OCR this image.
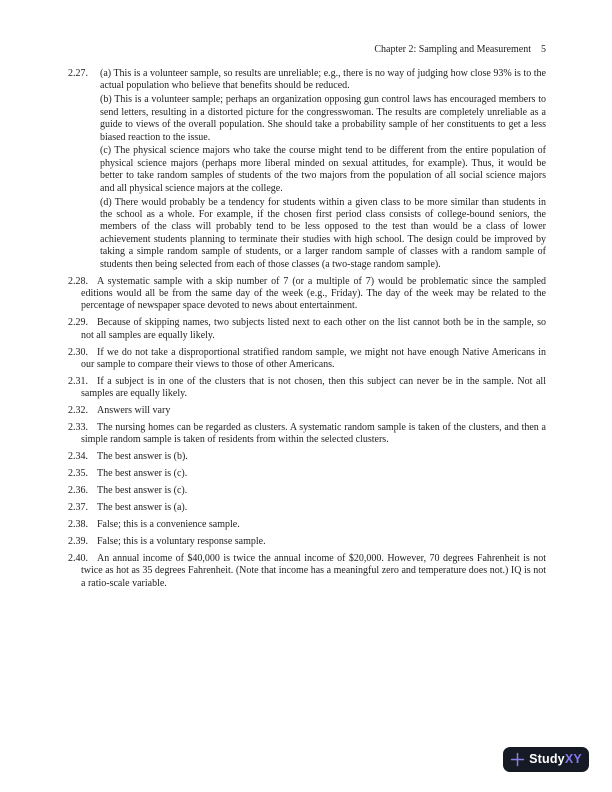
Chapter 2: Sampling and Measurement 5
2.27. (a) This is a volunteer sample, so results are unreliable; e.g., there is no way of judging how close 93% is to the actual population who believe that benefits should be reduced.

(b) This is a volunteer sample; perhaps an organization opposing gun control laws has encouraged members to send letters, resulting in a distorted picture for the congresswoman. The results are completely unreliable as a guide to views of the overall population. She should take a probability sample of her constituents to get a less biased reaction to the issue.

(c) The physical science majors who take the course might tend to be different from the entire population of physical science majors (perhaps more liberal minded on sexual attitudes, for example). Thus, it would be better to take random samples of students of the two majors from the population of all social science majors and all physical science majors at the college.

(d) There would probably be a tendency for students within a given class to be more similar than students in the school as a whole. For example, if the chosen first period class consists of college-bound seniors, the members of the class will probably tend to be less opposed to the test than would be a class of lower achievement students planning to terminate their studies with high school. The design could be improved by taking a simple random sample of students, or a larger random sample of classes with a random sample of students then being selected from each of those classes (a two-stage random sample).

2.28. A systematic sample with a skip number of 7 (or a multiple of 7) would be problematic since the sampled editions would all be from the same day of the week (e.g., Friday). The day of the week may be related to the percentage of newspaper space devoted to news about entertainment.
2.29. Because of skipping names, two subjects listed next to each other on the list cannot both be in the sample, so not all samples are equally likely.
2.30. If we do not take a disproportional stratified random sample, we might not have enough Native Americans in our sample to compare their views to those of other Americans.
2.31. If a subject is in one of the clusters that is not chosen, then this subject can never be in the sample. Not all samples are equally likely.
2.32. Answers will vary
2.33. The nursing homes can be regarded as clusters. A systematic random sample is taken of the clusters, and then a simple random sample is taken of residents from within the selected clusters.
2.34. The best answer is (b).
2.35. The best answer is (c).
2.36. The best answer is (c).
2.37. The best answer is (a).
2.38. False; this is a convenience sample.
2.39. False; this is a voluntary response sample.
2.40. An annual income of $40,000 is twice the annual income of $20,000. However, 70 degrees Fahrenheit is not twice as hot as 35 degrees Fahrenheit. (Note that income has a meaningful zero and temperature does not.) IQ is not a ratio-scale variable.
StudyXY
